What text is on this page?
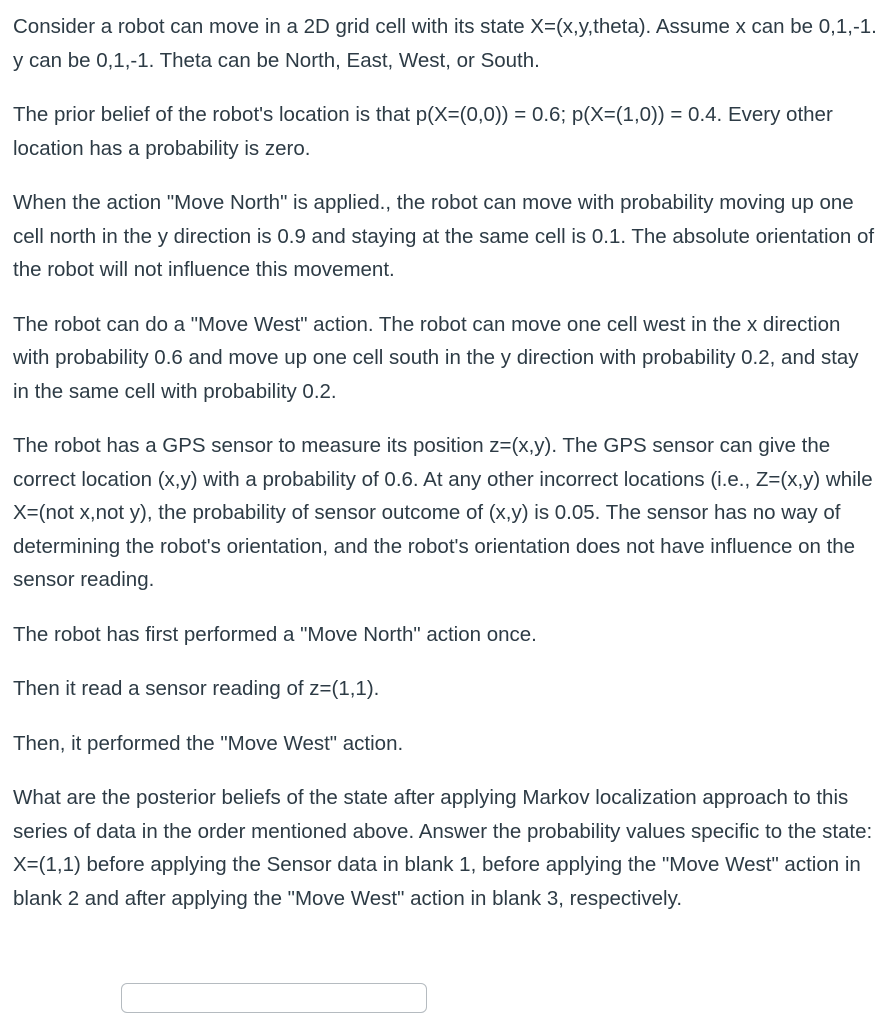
Consider a robot can move in a 2D grid cell with its state X=(x,y,theta). Assume x can be 0,1,-1. y can be 0,1,-1. Theta can be North, East, West, or South.

The prior belief of the robot's location is that p(X=(0,0)) = 0.6; p(X=(1,0)) = 0.4. Every other location has a probability is zero.

When the action "Move North" is applied., the robot can move with probability moving up one cell north in the y direction is 0.9 and staying at the same cell is 0.1. The absolute orientation of the robot will not influence this movement.

The robot can do a "Move West" action. The robot can move one cell west in the x direction with probability 0.6 and move up one cell south in the y direction with probability 0.2, and stay in the same cell with probability 0.2.

The robot has a GPS sensor to measure its position z=(x,y). The GPS sensor can give the correct location (x,y) with a probability of 0.6. At any other incorrect locations (i.e., Z=(x,y) while X=(not x,not y), the probability of sensor outcome of (x,y) is 0.05. The sensor has no way of determining the robot's orientation, and the robot's orientation does not have influence on the sensor reading.

The robot has first performed a "Move North" action once.

Then it read a sensor reading of z=(1,1).

Then, it performed the "Move West" action.

What are the posterior beliefs of the state after applying Markov localization approach to this series of data in the order mentioned above. Answer the probability values specific to the state: X=(1,1) before applying the Sensor data in blank 1, before applying the "Move West" action in blank 2 and after applying the "Move West" action in blank 3, respectively.
